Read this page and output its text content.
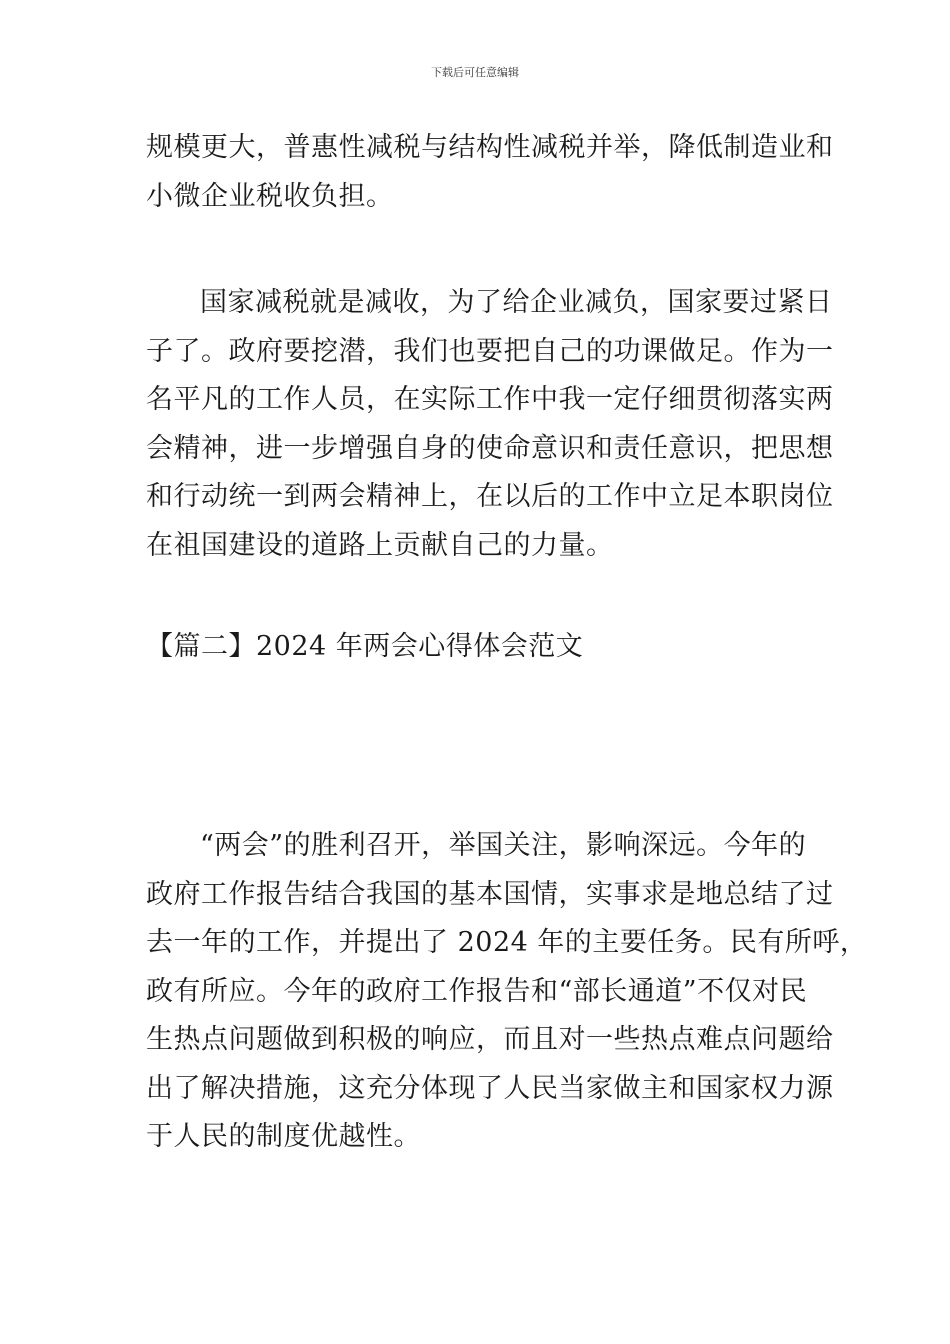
下载后可任意编辑
规模更大，普惠性减税与结构性减税并举，降低制造业和
小微企业税收负担。
国家减税就是减收，为了给企业减负，国家要过紧日
子了。政府要挖潜，我们也要把自己的功课做足。作为一
名平凡的工作人员，在实际工作中我一定仔细贯彻落实两
会精神，进一步增强自身的使命意识和责任意识，把思想
和行动统一到两会精神上，在以后的工作中立足本职岗位
在祖国建设的道路上贡献自己的力量。
【篇二】2024 年两会心得体会范文
“两会”的胜利召开，举国关注，影响深远。今年的
政府工作报告结合我国的基本国情，实事求是地总结了过
去一年的工作，并提出了 2024 年的主要任务。民有所呼，
政有所应。今年的政府工作报告和“部长通道”不仅对民
生热点问题做到积极的响应，而且对一些热点难点问题给
出了解决措施，这充分体现了人民当家做主和国家权力源
于人民的制度优越性。
